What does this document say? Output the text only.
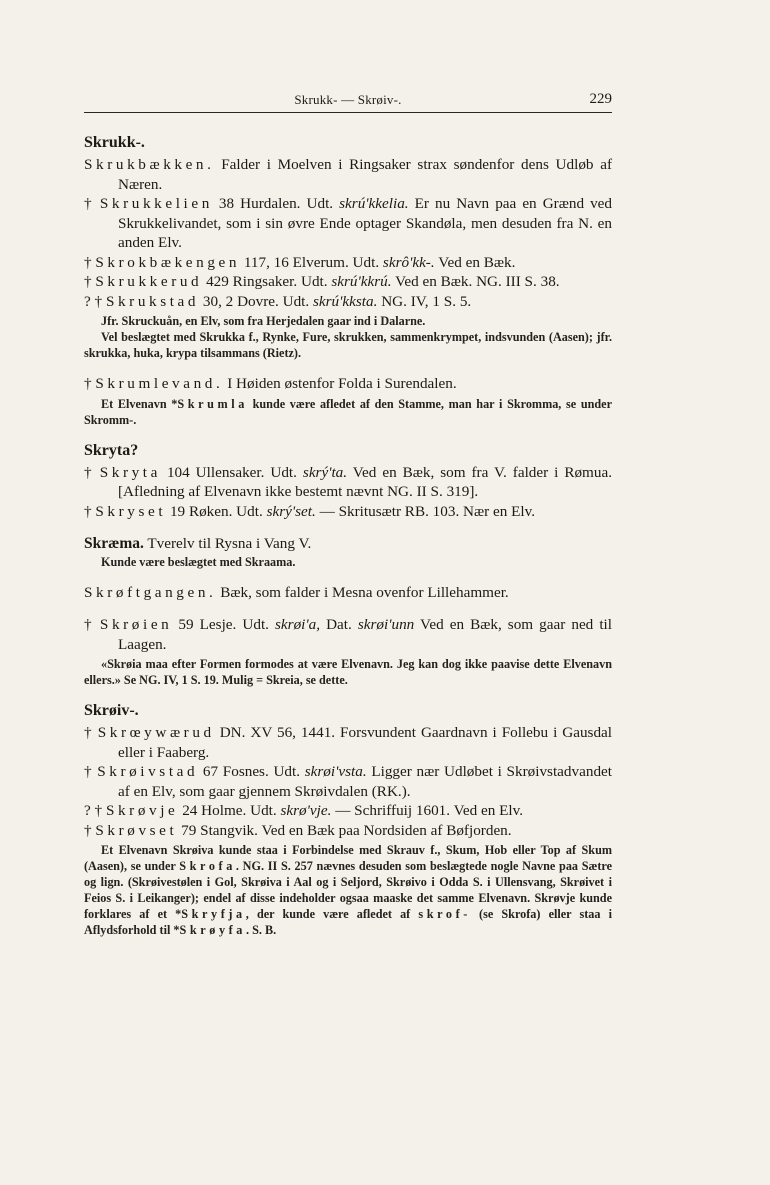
Skrukk- — Skrøiv-.	229
Skrukk-.
Skrukbækken. Falder i Moelven i Ringsaker strax søndenfor dens Udløb af Næren.
† Skrukkelien 38 Hurdalen. Udt. skrú'kkelia. Er nu Navn paa en Grænd ved Skrukkelivandet, som i sin øvre Ende optager Skandøla, men desuden fra N. en anden Elv.
† Skrokbækengen 117, 16 Elverum. Udt. skrô'kk-. Ved en Bæk.
† Skrukkerud 429 Ringsaker. Udt. skrú'kkrú. Ved en Bæk. NG. III S. 38.
? † Skrukstad 30, 2 Dovre. Udt. skrú'kksta. NG. IV, 1 S. 5.
Jfr. Skruckuån, en Elv, som fra Herjedalen gaar ind i Dalarne.
Vel beslægtet med Skrukka f., Rynke, Fure, skrukken, sammenkrympet, indsvunden (Aasen); jfr. skrukka, huka, krypa tilsammans (Rietz).
† Skrumlevand. I Høiden østenfor Folda i Surendalen.
Et Elvenavn *Skrumla kunde være afledet af den Stamme, man har i Skromma, se under Skromm-.
Skryta?
† Skryta 104 Ullensaker. Udt. skrý'ta. Ved en Bæk, som fra V. falder i Rømua. [Afledning af Elvenavn ikke bestemt nævnt NG. II S. 319].
† Skryset 19 Røken. Udt. skrý'set. — Skritusætr RB. 103. Nær en Elv.
Skræma. Tverelv til Rysna i Vang V.
Kunde være beslægtet med Skraama.
Skrøftgangen. Bæk, som falder i Mesna ovenfor Lillehammer.
† Skrøien 59 Lesje. Udt. skrøi'a, Dat. skrøi'unn Ved en Bæk, som gaar ned til Laagen.
«Skrøia maa efter Formen formodes at være Elvenavn. Jeg kan dog ikke paavise dette Elvenavn ellers.» Se NG. IV, 1 S. 19. Mulig = Skreia, se dette.
Skrøiv-.
† Skrœywærud DN. XV 56, 1441. Forsvundent Gaardnavn i Follebu i Gausdal eller i Faaberg.
† Skrøivstad 67 Fosnes. Udt. skrøi'vsta. Ligger nær Udløbet i Skrøivstadvandet af en Elv, som gaar gjennem Skrøivdalen (RK.).
? † Skrøvje 24 Holme. Udt. skrø'vje. — Schriffuij 1601. Ved en Elv.
† Skrøvset 79 Stangvik. Ved en Bæk paa Nordsiden af Bøfjorden.
Et Elvenavn Skrøiva kunde staa i Forbindelse med Skrauv f., Skum, Hob eller Top af Skum (Aasen), se under Skrofa. NG. II S. 257 nævnes desuden som beslægtede nogle Navne paa Sætre og lign. (Skrøivestølen i Gol, Skrøiva i Aal og i Seljord, Skrøivo i Odda S. i Ullensvang, Skrøivet i Feios S. i Leikanger); endel af disse indeholder ogsaa maaske det samme Elvenavn. Skrøvje kunde forklares af et *Skryfja, der kunde være afledet af skrof- (se Skrofa) eller staa i Aflydsforhold til *Skrøyfa. S. B.
